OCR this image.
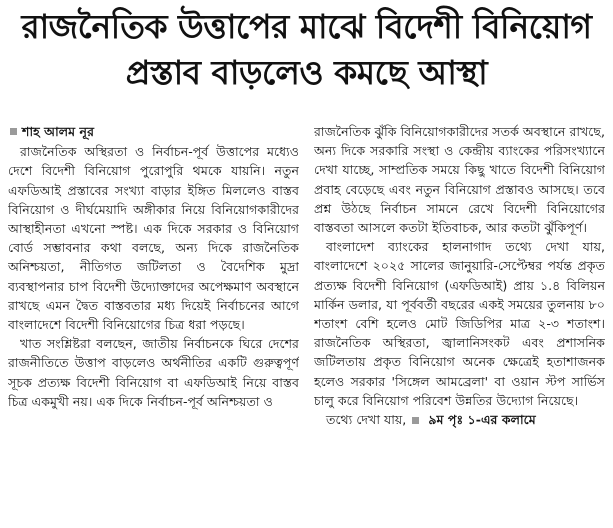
রাজনৈতিক উত্তাপের মাঝে বিদেশী বিনিয়োগ
প্রস্তাব বাড়লেও কমছে আস্থা
শাহ আলম নূর

রাজনৈতিক অস্থিরতা ও নির্বাচন-পূর্ব উত্তাপের মধ্যেও দেশে বিদেশী বিনিয়োগ পুরোপুরি থমকে যায়নি। নতুন এফডিআই প্রস্তাবের সংখ্যা বাড়ার ইঙ্গিত মিললেও বাস্তব বিনিয়োগ ও দীর্ঘমেয়াদি অঙ্গীকার নিয়ে বিনিয়োগকারীদের আস্থাহীনতা এখনো স্পষ্ট। এক দিকে সরকার ও বিনিয়োগ বোর্ড সম্ভাবনার কথা বলছে, অন্য দিকে রাজনৈতিক অনিশ্চয়তা, নীতিগত জটিলতা ও বৈদেশিক মুদ্রা ব্যবস্থাপনার চাপ বিদেশী উদ্যোক্তাদের অপেক্ষমাণ অবস্থানে রাখছে এমন দ্বৈত বাস্তবতার মধ্য দিয়েই নির্বাচনের আগে বাংলাদেশে বিদেশী বিনিয়োগের চিত্র ধরা পড়ছে।

খাত সংশ্লিষ্টরা বলছেন, জাতীয় নির্বাচনকে ঘিরে দেশের রাজনীতিতে উত্তাপ বাড়লেও অর্থনীতির একটি গুরুত্বপূর্ণ সূচক প্রত্যক্ষ বিদেশী বিনিয়োগ বা এফডিআই নিয়ে বাস্তব চিত্র একমুখী নয়। এক দিকে নির্বাচন-পূর্ব অনিশ্চয়তা ও

রাজনৈতিক ঝুঁকি বিনিয়োগকারীদের সতর্ক অবস্থানে রাখছে, অন্য দিকে সরকারি সংস্থা ও কেন্দ্রীয় ব্যাংকের পরিসংখ্যানে দেখা যাচ্ছে, সাম্প্রতিক সময়ে কিছু খাতে বিদেশী বিনিয়োগ প্রবাহ বেড়েছে এবং নতুন বিনিয়োগ প্রস্তাবও আসছে। তবে প্রশ্ন উঠছে নির্বাচন সামনে রেখে বিদেশী বিনিয়োগের বাস্তবতা আসলে কতটা ইতিবাচক, আর কতটা ঝুঁকিপূর্ণ।

বাংলাদেশ ব্যাংকের হালনাগাদ তথ্যে দেখা যায়, বাংলাদেশে ২০২৫ সালের জানুয়ারি-সেপ্টেম্বর পর্যন্ত প্রকৃত প্রত্যক্ষ বিদেশী বিনিয়োগ (এফডিআই) প্রায় ১.৪ বিলিয়ন মার্কিন ডলার, যা পূর্ববর্তী বছরের একই সময়ের তুলনায় ৮০ শতাংশ বেশি হলেও মোট জিডিপির মাত্র ২-৩ শতাংশ। রাজনৈতিক অস্থিরতা, জ্বালানিসংকট এবং প্রশাসনিক জটিলতায় প্রকৃত বিনিয়োগ অনেক ক্ষেত্রেই হতাশাজনক হলেও সরকার 'সিঙ্গেল আমব্রেলা' বা ওয়ান স্টপ সার্ভিস চালু করে বিনিয়োগ পরিবেশ উন্নতির উদ্যোগ নিয়েছে।

তথ্যে দেখা যায়, ৯ম পৃঃ ১-এর কলামে
